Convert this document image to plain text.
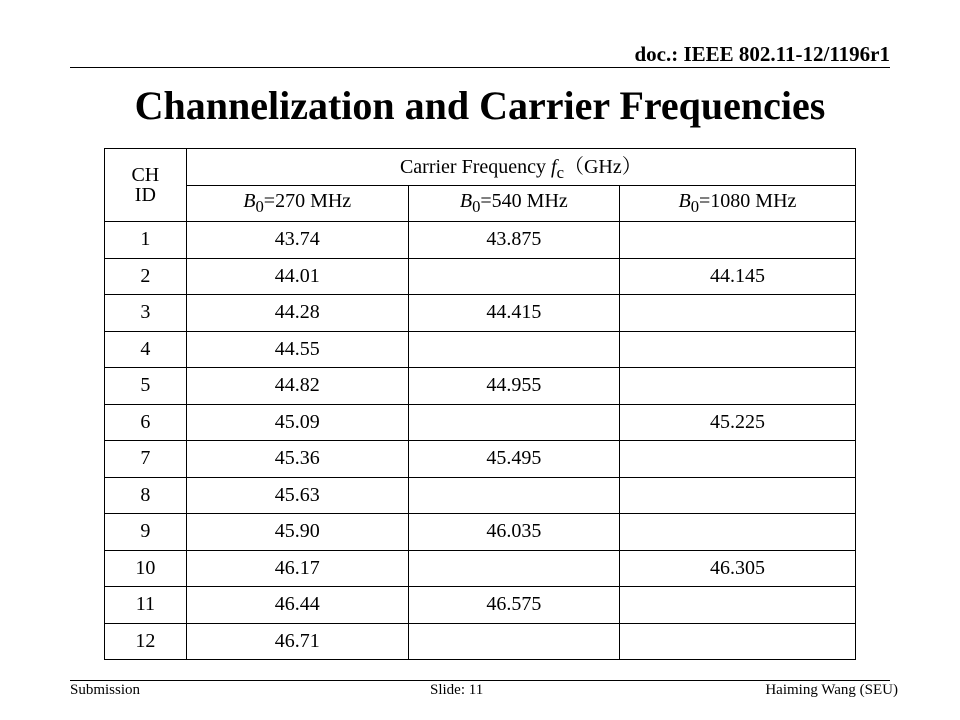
doc.: IEEE 802.11-12/1196r1
Channelization and Carrier Frequencies
CH
ID	Carrier Frequency $f_c(GHz)$		
	$B_0=270$ MHz	$B_0=540$ MHz	$B_0=1080$ MHz
1	43.74	43.875	
2	44.01		44.145
3	44.28	44.415	
4	44.55		
5	44.82	44.955	
6	45.09		45.225
7	45.36	45.495	
8	45.63		
9	45.90	46.035	
10	46.17		46.305
11	46.44	46.575	
12	46.71		
Submission	Slide: 11	Haiming Wang (SEU)
